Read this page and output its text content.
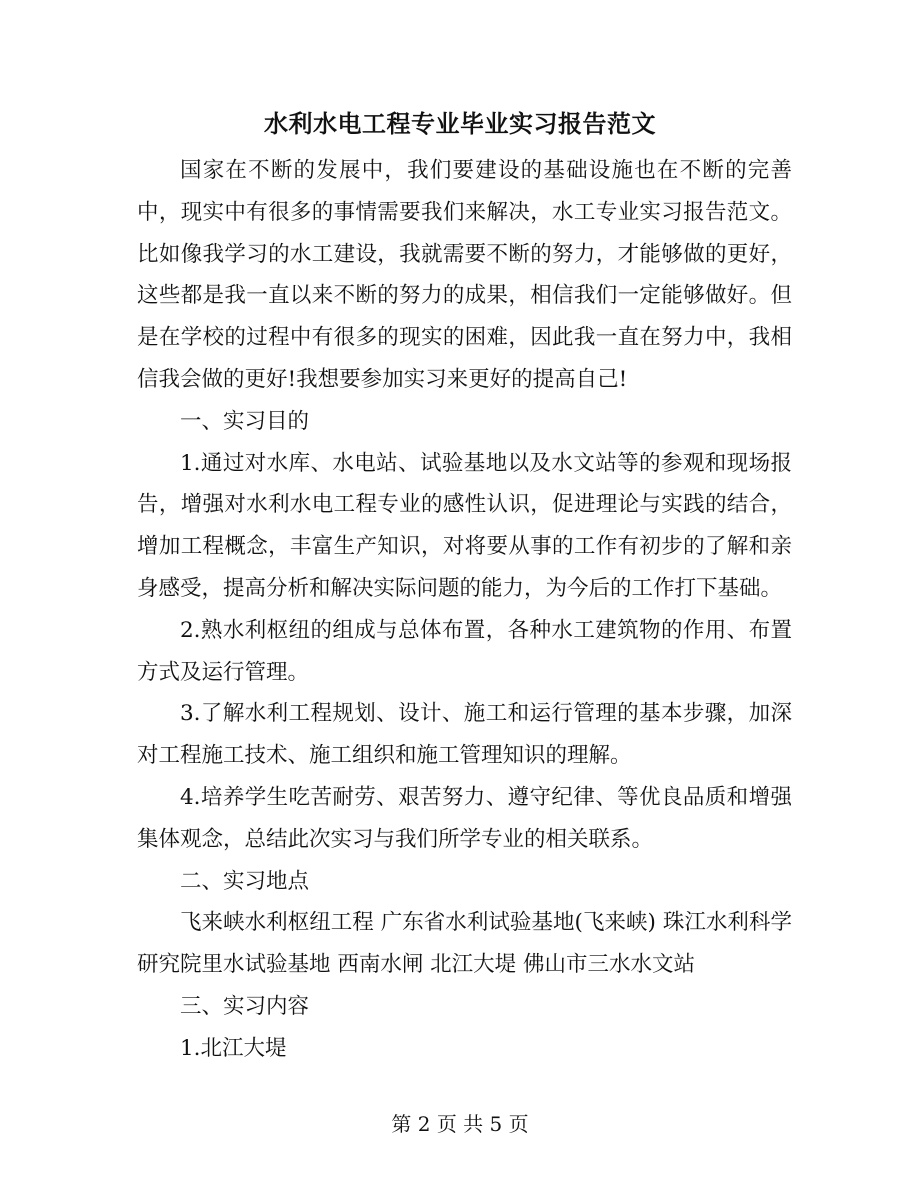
水利水电工程专业毕业实习报告范文

国家在不断的发展中，我们要建设的基础设施也在不断的完善中，现实中有很多的事情需要我们来解决，水工专业实习报告范文。比如像我学习的水工建设，我就需要不断的努力，才能够做的更好，这些都是我一直以来不断的努力的成果，相信我们一定能够做好。但是在学校的过程中有很多的现实的困难，因此我一直在努力中，我相信我会做的更好!我想要参加实习来更好的提高自己!

一、实习目的

1.通过对水库、水电站、试验基地以及水文站等的参观和现场报告，增强对水利水电工程专业的感性认识，促进理论与实践的结合，增加工程概念，丰富生产知识，对将要从事的工作有初步的了解和亲身感受，提高分析和解决实际问题的能力，为今后的工作打下基础。

2.熟水利枢纽的组成与总体布置，各种水工建筑物的作用、布置方式及运行管理。

3.了解水利工程规划、设计、施工和运行管理的基本步骤，加深对工程施工技术、施工组织和施工管理知识的理解。

4.培养学生吃苦耐劳、艰苦努力、遵守纪律、等优良品质和增强集体观念，总结此次实习与我们所学专业的相关联系。

二、实习地点

飞来峡水利枢纽工程 广东省水利试验基地(飞来峡) 珠江水利科学研究院里水试验基地 西南水闸 北江大堤 佛山市三水水文站

三、实习内容

1.北江大堤

第 2 页 共 5 页
